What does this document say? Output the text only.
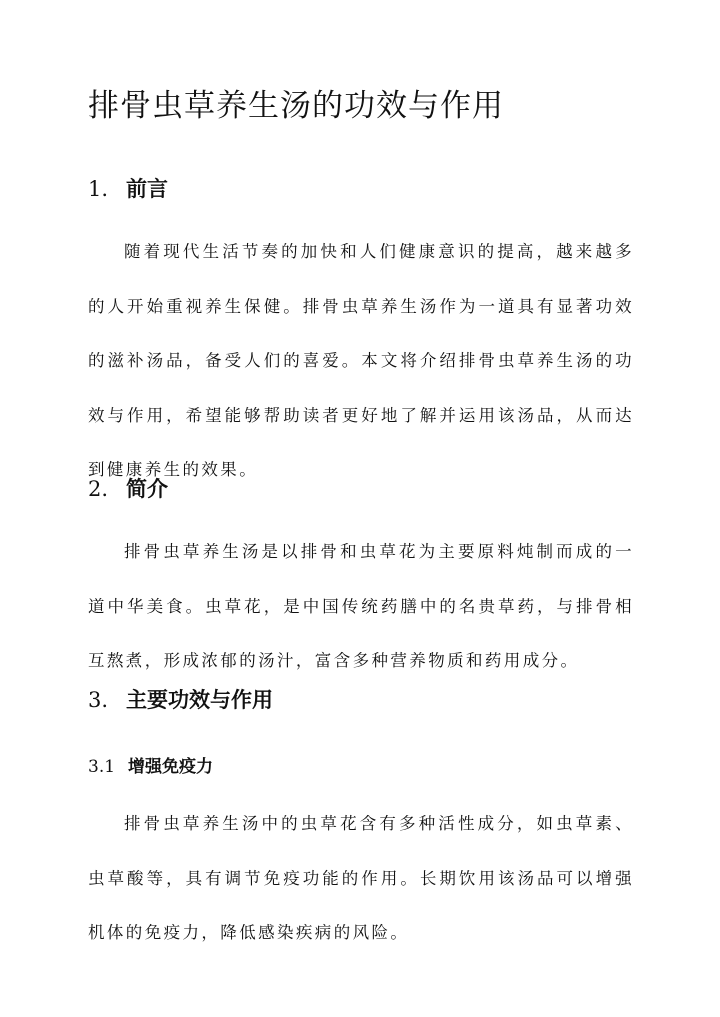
排骨虫草养生汤的功效与作用
1. 前言

随着现代生活节奏的加快和人们健康意识的提高，越来越多的人开始重视养生保健。排骨虫草养生汤作为一道具有显著功效的滋补汤品，备受人们的喜爱。本文将介绍排骨虫草养生汤的功效与作用，希望能够帮助读者更好地了解并运用该汤品，从而达到健康养生的效果。

2. 简介

排骨虫草养生汤是以排骨和虫草花为主要原料炖制而成的一道中华美食。虫草花，是中国传统药膳中的名贵草药，与排骨相互熬煮，形成浓郁的汤汁，富含多种营养物质和药用成分。

3. 主要功效与作用
3.1 增强免疫力

排骨虫草养生汤中的虫草花含有多种活性成分，如虫草素、虫草酸等，具有调节免疫功能的作用。长期饮用该汤品可以增强机体的免疫力，降低感染疾病的风险。
